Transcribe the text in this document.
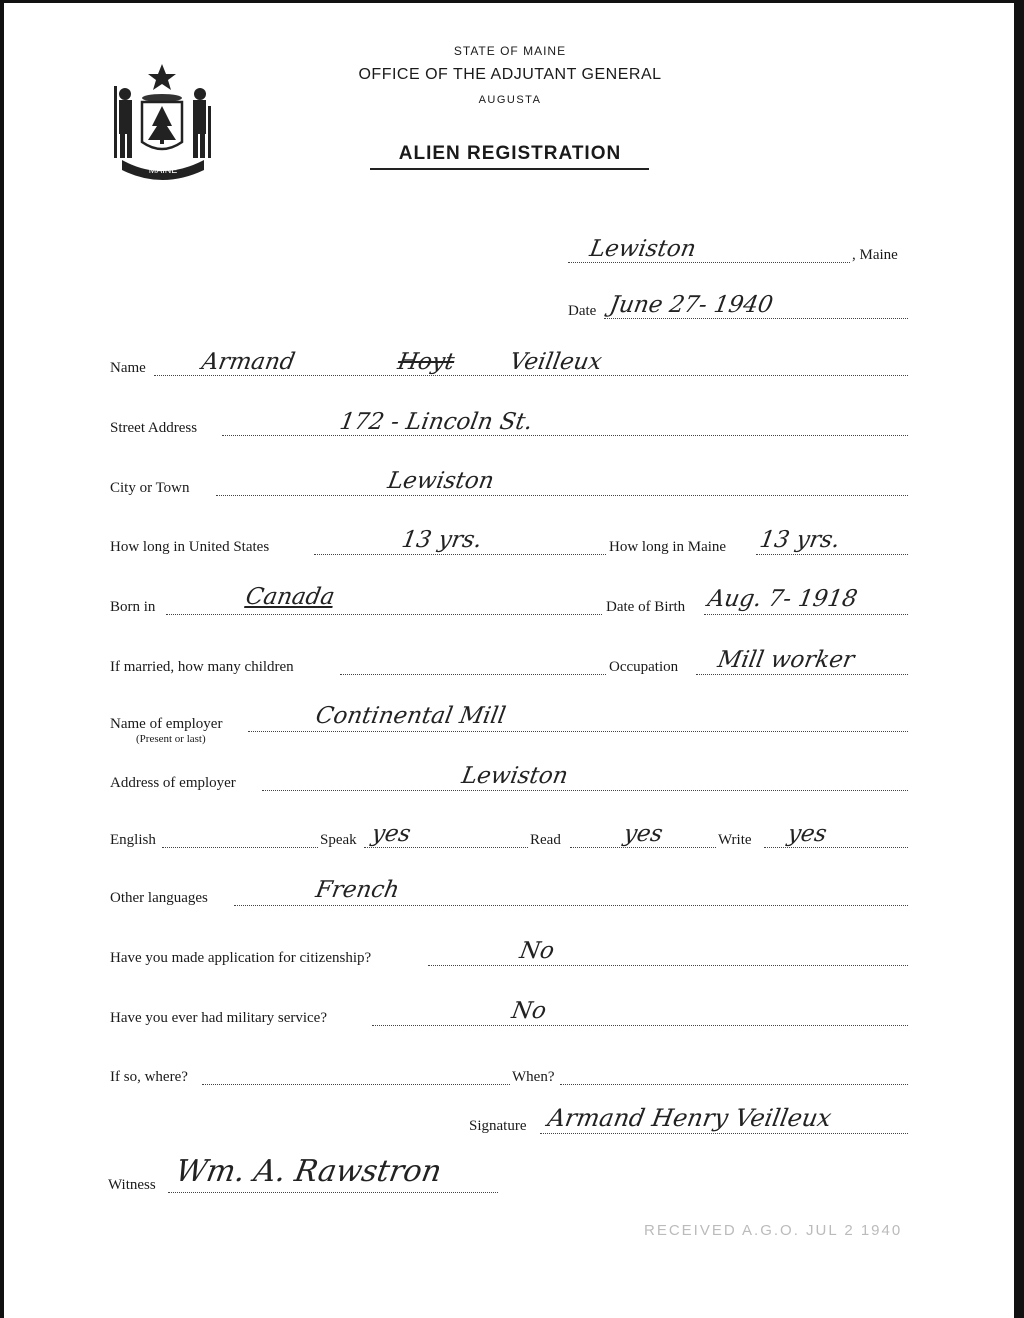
MAINE
STATE OF MAINE
OFFICE OF THE ADJUTANT GENERAL
AUGUSTA
ALIEN REGISTRATION
Lewiston	, Maine
Date June 27- 1940
Name Armand	Hoyt Veilleux
Street Address	172 - Lincoln St.
City or Town	Lewiston
How long in United States	13 yrs.	How long in Maine 13 yrs.
Born in	Canada	Date of Birth Aug. 7- 1918
If married, how many children	Occupation Mill worker
Name of employer
(Present or last)
Continental Mill
Address of employer	Lewiston
English	Speak yes	Read	yes	Write yes
Other languages	French
Have you made application for citizenship?	No
Have you ever had military service?	No
If so, where?	When?
Signature Armand Henry Veilleux
Witness Wm. A. Rawstron
RECEIVED A.G.O. JUL 2 1940
